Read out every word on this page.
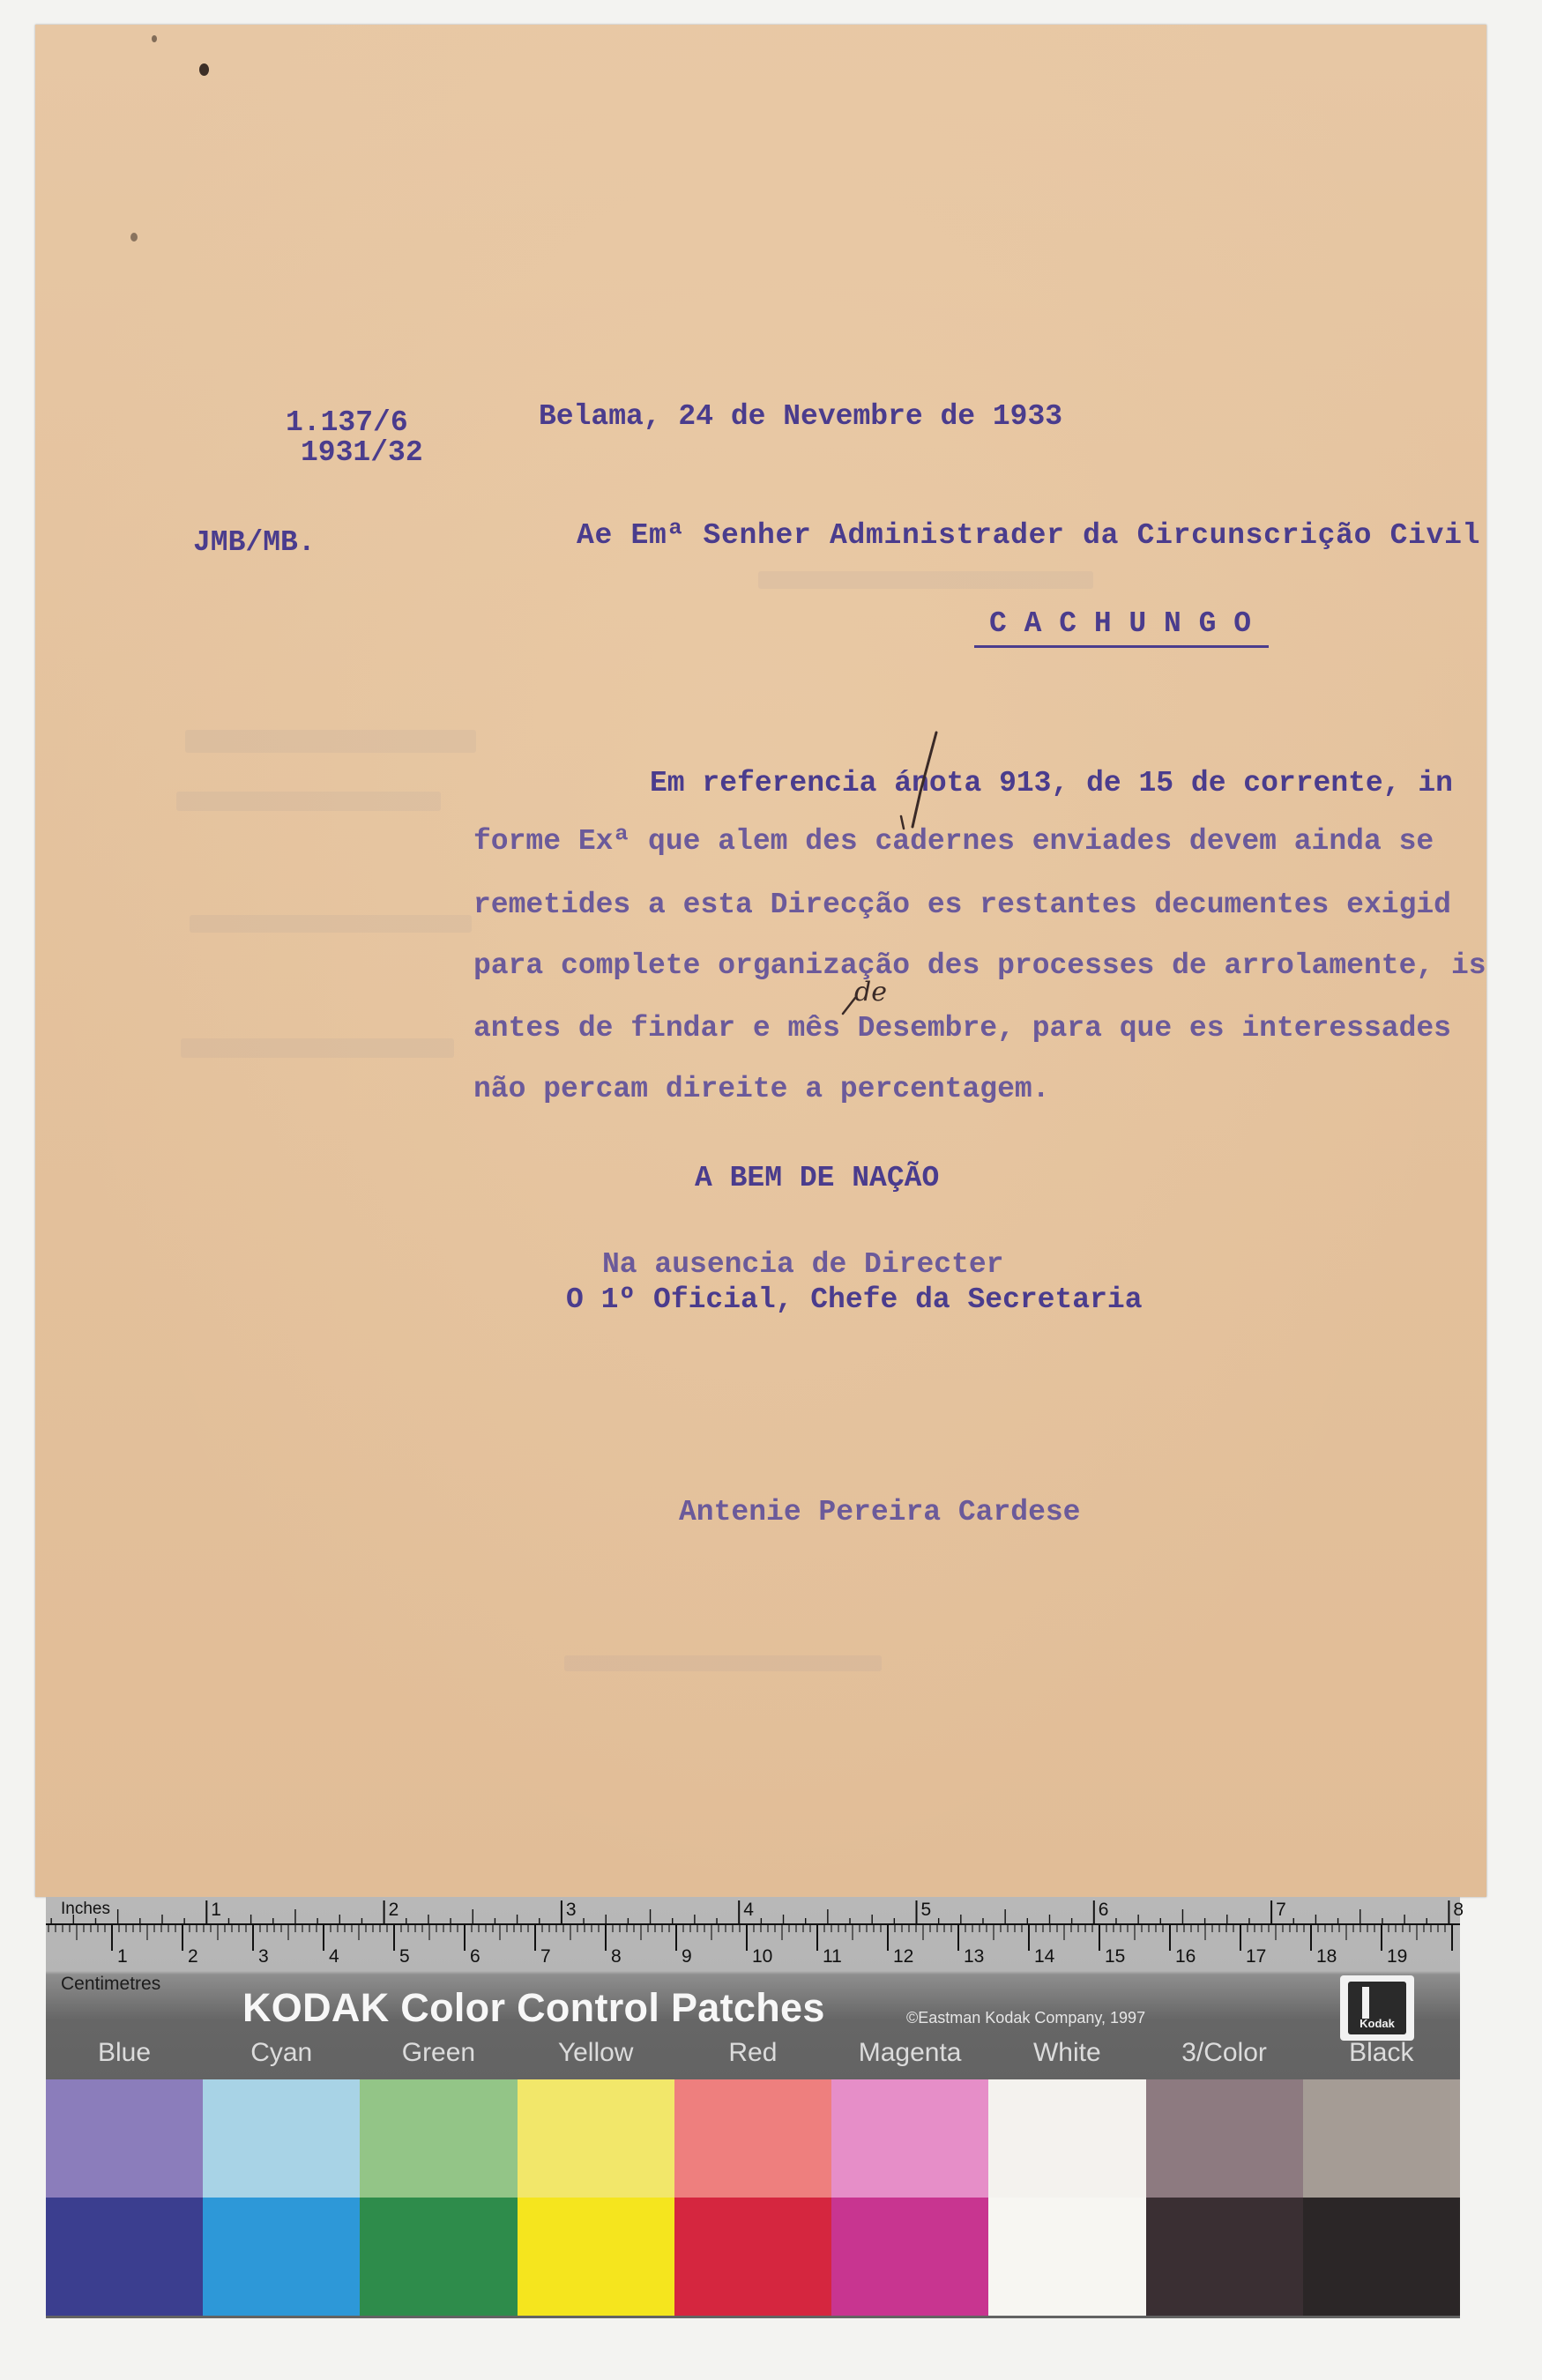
1.137/6
1931/32
Belama, 24 de Nevembre de 1933
JMB/MB.	Ae Emª Senher Administrader da Circunscrição Civil
C A C H U N G O
Em referencia ánota 913, de 15 de corrente, in
forme Exª que alem des cadernes enviades devem ainda se
remetides a esta Direcção es restantes decumentes exigid
para complete organização des processes de arrolamente, is
antes de findar e mês Desembre, para que es interessades
não percam direite a percentagem.
de
A BEM DE NAÇÃO
Na ausencia de Directer
O 1º Oficial, Chefe da Secretaria
Antenie Pereira Cardese
1	2	3	4	5	6	7	8
1	2	3	4	5	6	7	8	9	10	11	12	13	14	15	16	17	18	19
Inches
Centimetres
KODAK Color Control Patches	©Eastman Kodak Company, 1997	Kodak
Blue	Cyan	Green	Yellow	Red	Magenta	White	3/Color	Black
